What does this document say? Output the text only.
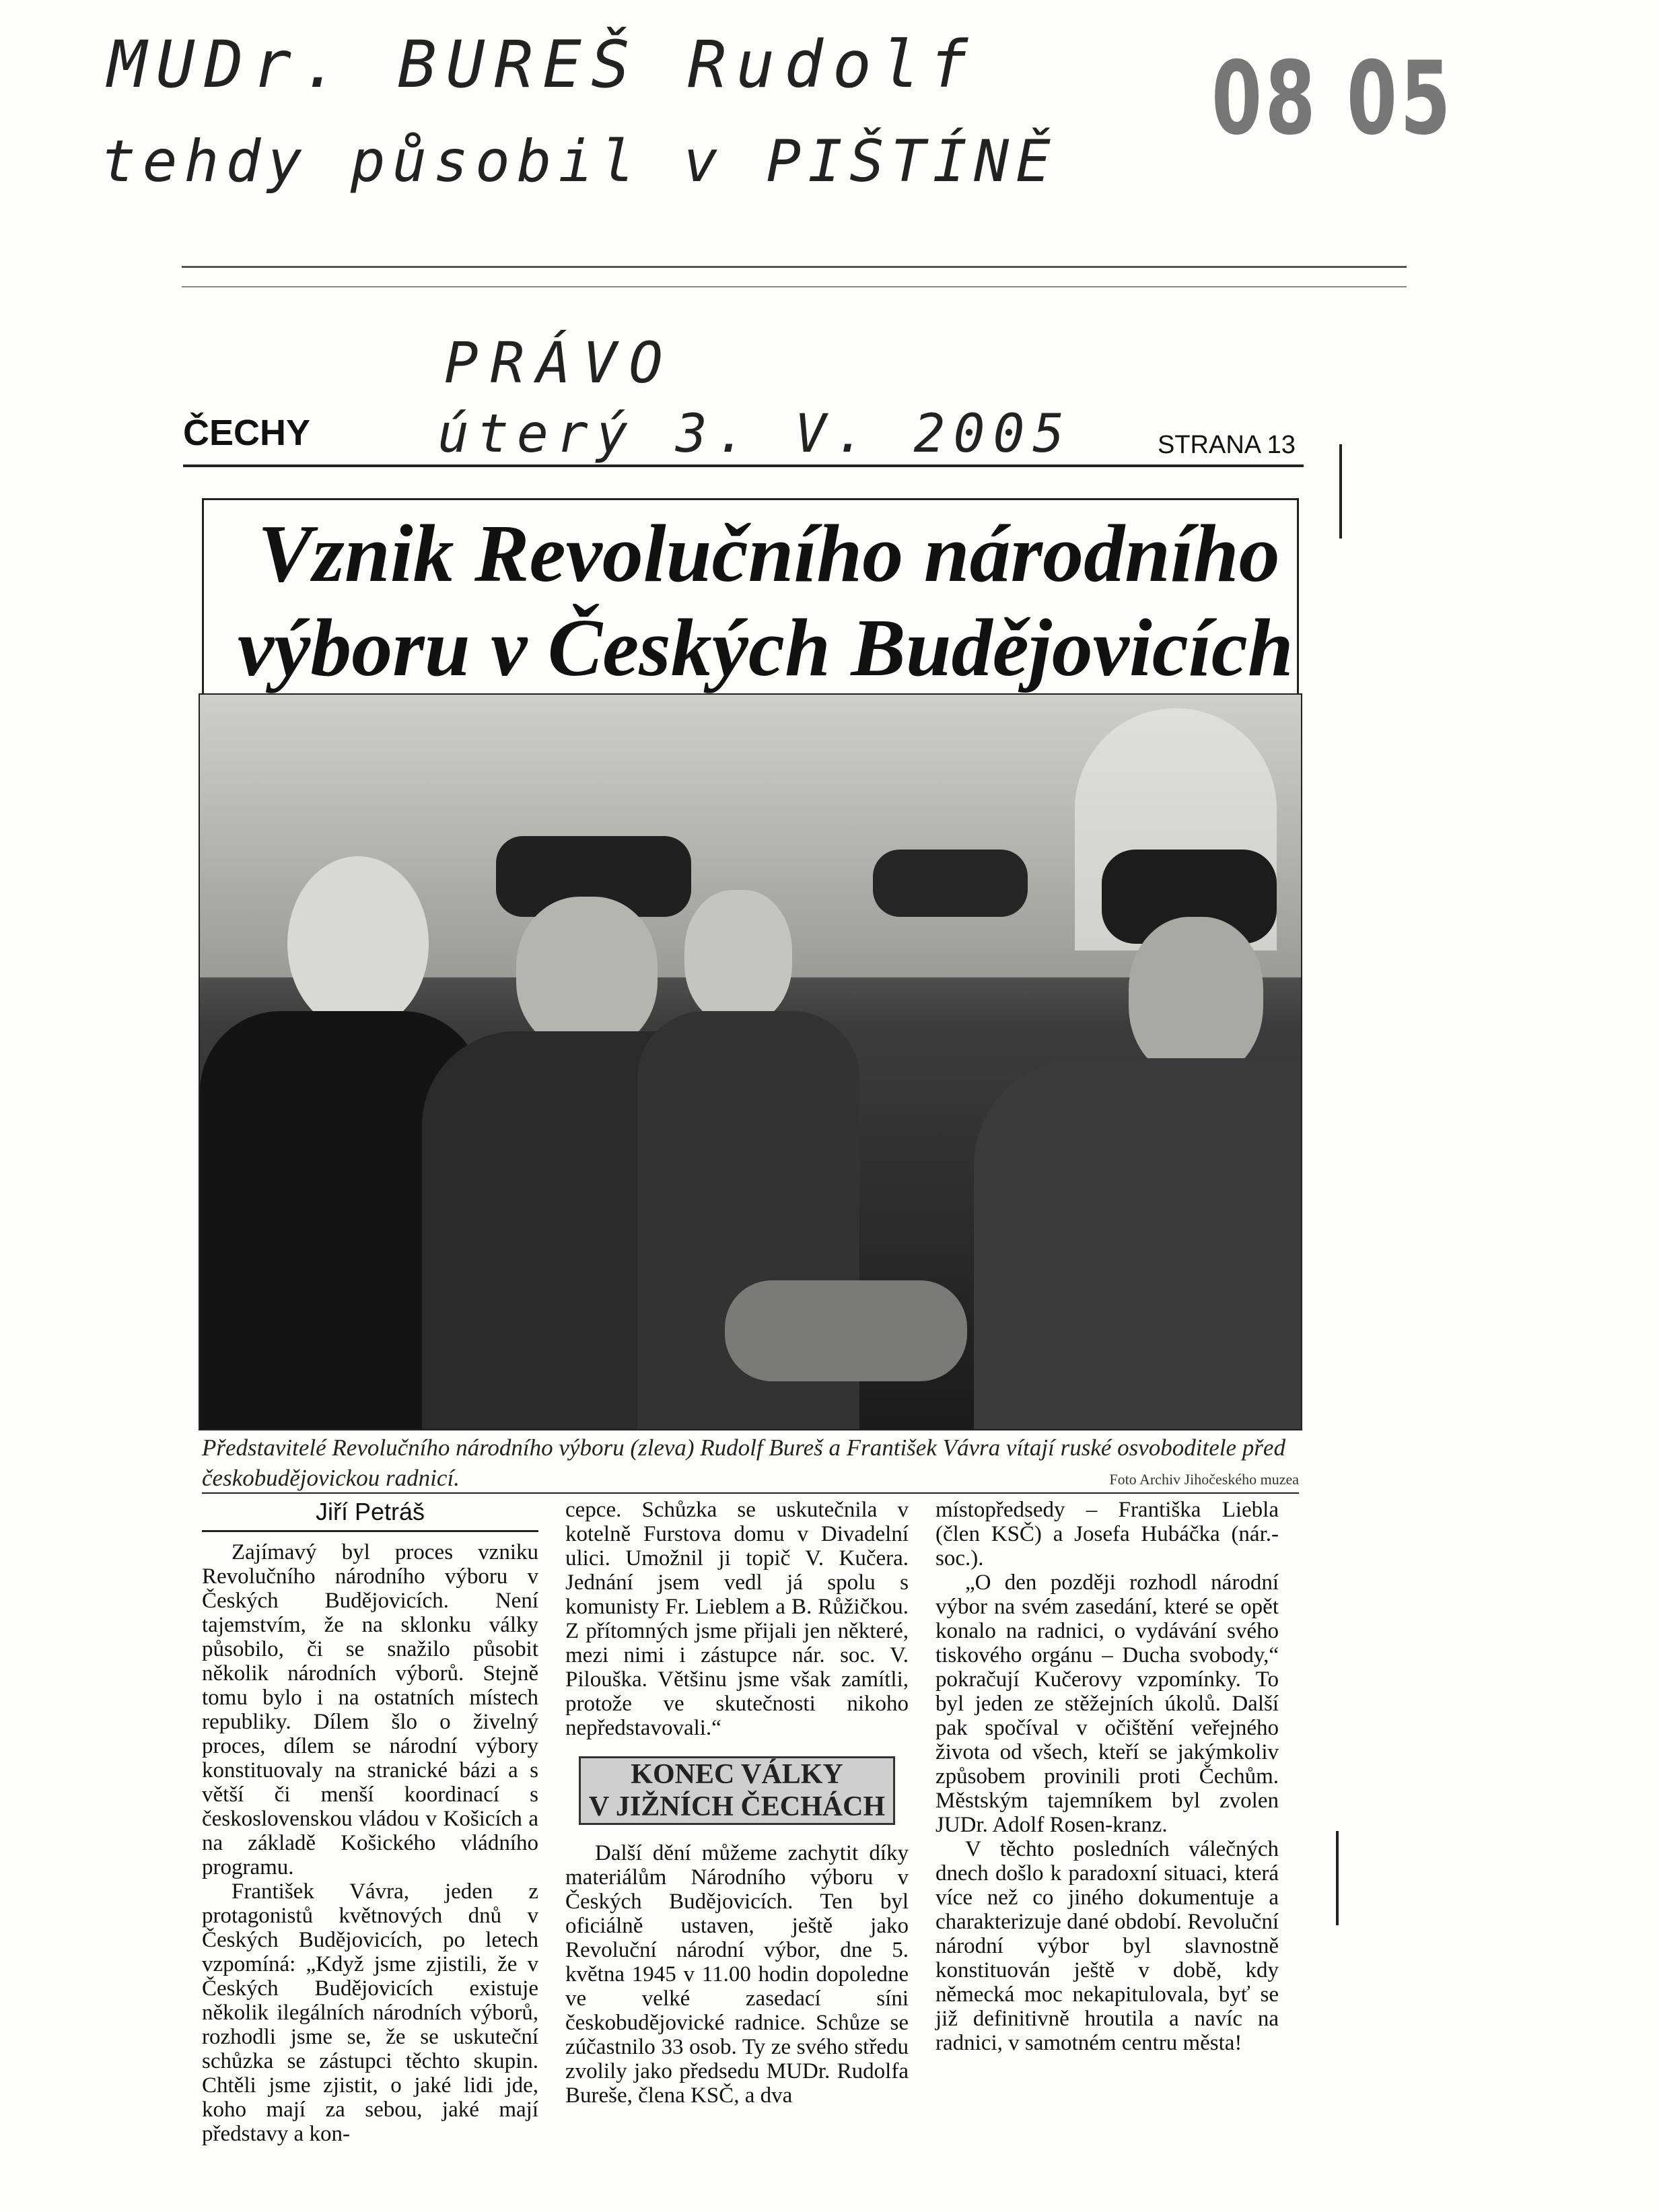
MUDr. BUREŠ Rudolf
tehdy působil v PIŠTÍNĚ
08 05
PRÁVO
úterý 3. V. 2005
ČECHY	STRANA 13
Vznik Revolučního národního
výboru v Českých Budějovicích
Představitelé Revolučního národního výboru (zleva) Rudolf Bureš a František Vávra vítají ruské osvoboditele před českobudějovickou radnicí.	Foto Archiv Jihočeského muzea
Jiří Petráš

Zajímavý byl proces vzniku Revolučního národního výboru v Českých Budějovicích. Není tajemstvím, že na sklonku války působilo, či se snažilo působit několik národních výborů. Stejně tomu bylo i na ostatních místech republiky. Dílem šlo o živelný proces, dílem se národní výbory konstituovaly na stranické bázi a s větší či menší koordinací s československou vládou v Košicích a na základě Košického vládního programu.

František Vávra, jeden z protagonistů květnových dnů v Českých Budějovicích, po letech vzpomíná: „Když jsme zjistili, že v Českých Budějovicích existuje několik ilegálních národních výborů, rozhodli jsme se, že se uskuteční schůzka se zástupci těchto skupin. Chtěli jsme zjistit, o jaké lidi jde, koho mají za sebou, jaké mají představy a kon-

cepce. Schůzka se uskutečnila v kotelně Furstova domu v Divadelní ulici. Umožnil ji topič V. Kučera. Jednání jsem vedl já spolu s komunisty Fr. Lieblem a B. Růžičkou. Z přítomných jsme přijali jen některé, mezi nimi i zástupce nár. soc. V. Pilouška. Většinu jsme však zamítli, protože ve skutečnosti nikoho nepředstavovali.“

KONEC VÁLKY
V JIŽNÍCH ČECHÁCH

Další dění můžeme zachytit díky materiálům Národního výboru v Českých Budějovicích. Ten byl oficiálně ustaven, ještě jako Revoluční národní výbor, dne 5. května 1945 v 11.00 hodin dopoledne ve velké zasedací síni českobudějovické radnice. Schůze se zúčastnilo 33 osob. Ty ze svého středu zvolily jako předsedu MUDr. Rudolfa Bureše, člena KSČ, a dva

místopředsedy – Františka Liebla (člen KSČ) a Josefa Hubáčka (nár.-soc.).

„O den později rozhodl národní výbor na svém zasedání, které se opět konalo na radnici, o vydávání svého tiskového orgánu – Ducha svobody,“ pokračují Kučerovy vzpomínky. To byl jeden ze stěžejních úkolů. Další pak spočíval v očištění veřejného života od všech, kteří se jakýmkoliv způsobem provinili proti Čechům. Městským tajemníkem byl zvolen JUDr. Adolf Rosen-kranz.

V těchto posledních válečných dnech došlo k paradoxní situaci, která více než co jiného dokumentuje a charakterizuje dané období. Revoluční národní výbor byl slavnostně konstituován ještě v době, kdy německá moc nekapitulovala, byť se již definitivně hroutila a navíc na radnici, v samotném centru města!
